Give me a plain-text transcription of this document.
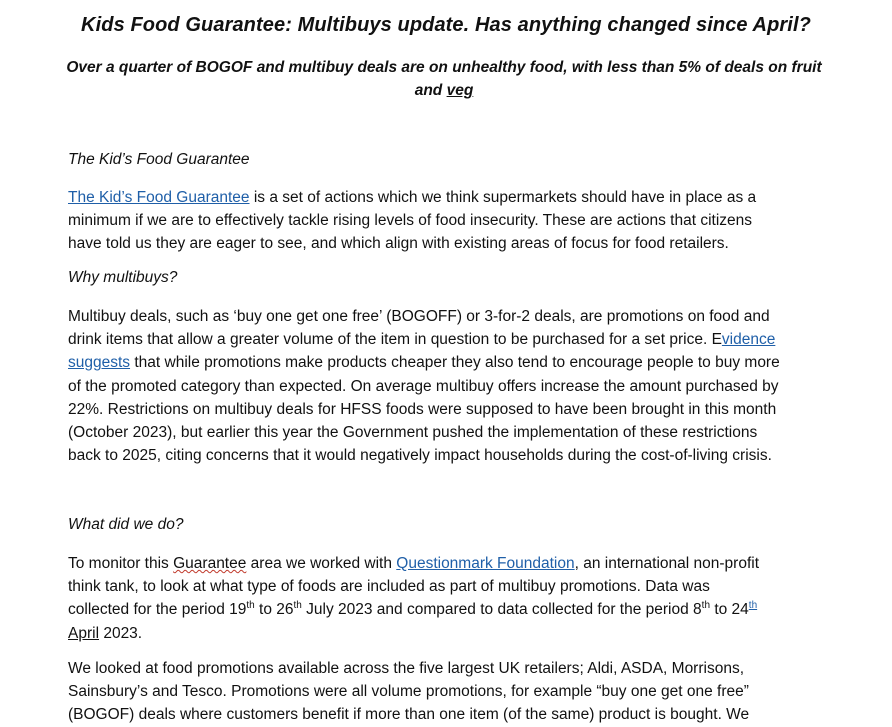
Kids Food Guarantee: Multibuys update. Has anything changed since April?
Over a quarter of BOGOF and multibuy deals are on unhealthy food, with less than 5% of deals on fruit
and veg
The Kid’s Food Guarantee
The Kid’s Food Guarantee is a set of actions which we think supermarkets should have in place as a
minimum if we are to effectively tackle rising levels of food insecurity. These are actions that citizens
have told us they are eager to see, and which align with existing areas of focus for food retailers.
Why multibuys?
Multibuy deals, such as ‘buy one get one free’ (BOGOFF) or 3-for-2 deals, are promotions on food and
drink items that allow a greater volume of the item in question to be purchased for a set price. Evidence
suggests that while promotions make products cheaper they also tend to encourage people to buy more
of the promoted category than expected. On average multibuy offers increase the amount purchased by
22%. Restrictions on multibuy deals for HFSS foods were supposed to have been brought in this month
(October 2023), but earlier this year the Government pushed the implementation of these restrictions
back to 2025, citing concerns that it would negatively impact households during the cost-of-living crisis.
What did we do?
To monitor this Guarantee area we worked with Questionmark Foundation, an international non-profit
think tank, to look at what type of foods are included as part of multibuy promotions. Data was
collected for the period 19th to 26th July 2023 and compared to data collected for the period 8th to 24th
April 2023.
We looked at food promotions available across the five largest UK retailers; Aldi, ASDA, Morrisons,
Sainsbury’s and Tesco. Promotions were all volume promotions, for example “buy one get one free”
(BOGOF) deals where customers benefit if more than one item (of the same) product is bought. We
